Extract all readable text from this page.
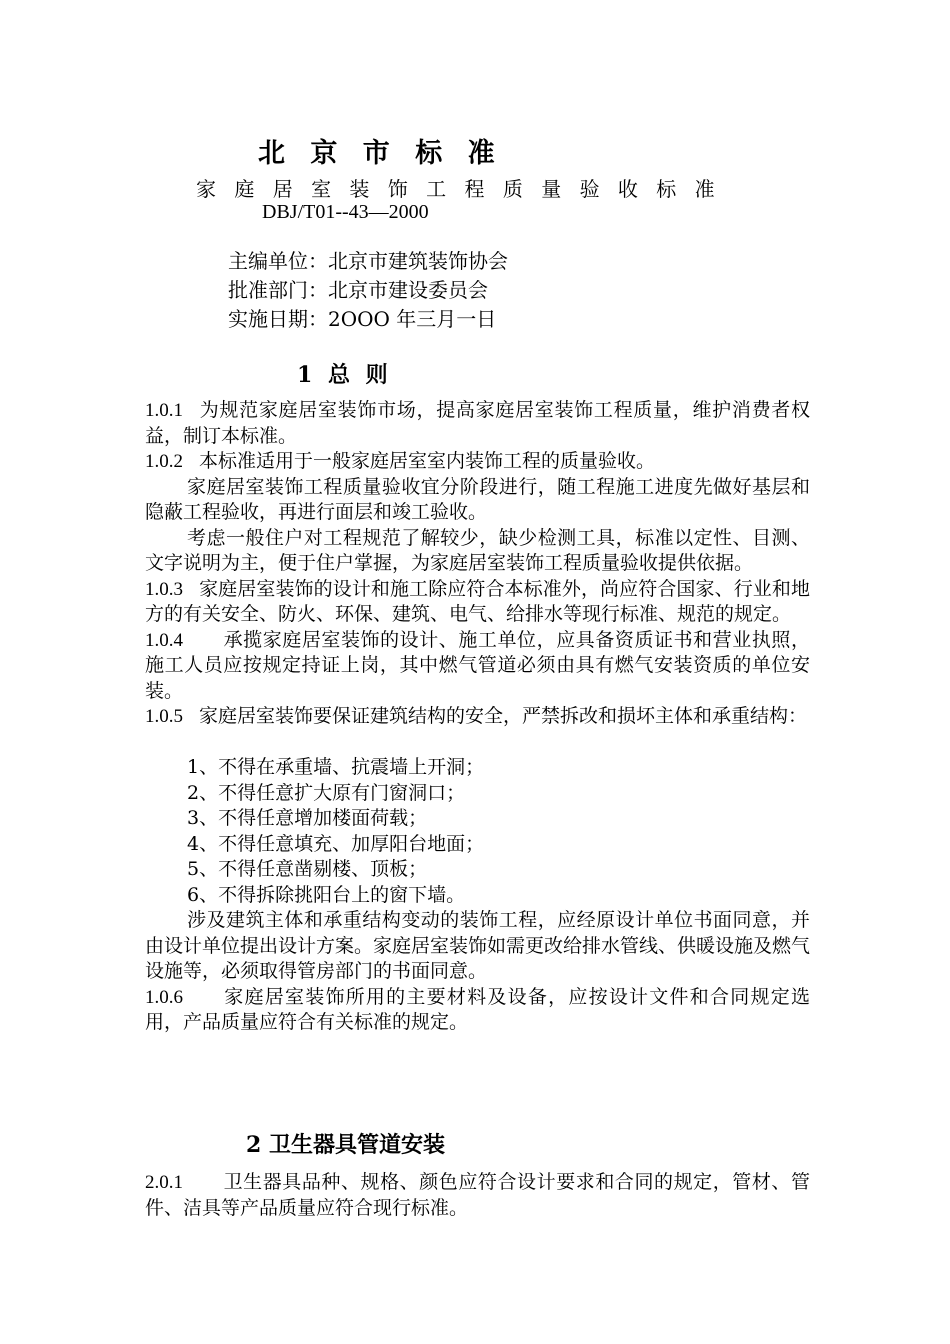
北 京 市 标 准
家 庭 居 室 装 饰 工 程 质 量 验 收 标 准
DBJ/T01--43—2000
主编单位：北京市建筑装饰协会
批准部门：北京市建设委员会
实施日期：2OOO 年三月一日
1 总 则

1.0.1 为规范家庭居室装饰市场，提高家庭居室装饰工程质量，维护消费者权益，制订本标准。

1.0.2 本标准适用于一般家庭居室室内装饰工程的质量验收。

家庭居室装饰工程质量验收宜分阶段进行，随工程施工进度先做好基层和隐蔽工程验收，再进行面层和竣工验收。

考虑一般住户对工程规范了解较少，缺少检测工具，标准以定性、目测、文字说明为主，便于住户掌握，为家庭居室装饰工程质量验收提供依据。

1.0.3 家庭居室装饰的设计和施工除应符合本标准外，尚应符合国家、行业和地方的有关安全、防火、环保、建筑、电气、给排水等现行标准、规范的规定。

1.0.4 承揽家庭居室装饰的设计、施工单位，应具备资质证书和营业执照，施工人员应按规定持证上岗，其中燃气管道必须由具有燃气安装资质的单位安装。

1.0.5 家庭居室装饰要保证建筑结构的安全，严禁拆改和损坏主体和承重结构：

1、不得在承重墙、抗震墙上开洞；

2、不得任意扩大原有门窗洞口；

3、不得任意增加楼面荷载；

4、不得任意填充、加厚阳台地面；

5、不得任意凿剔楼、顶板；

6、不得拆除挑阳台上的窗下墙。

涉及建筑主体和承重结构变动的装饰工程，应经原设计单位书面同意，并由设计单位提出设计方案。家庭居室装饰如需更改给排水管线、供暖设施及燃气设施等，必须取得管房部门的书面同意。

1.0.6 家庭居室装饰所用的主要材料及设备，应按设计文件和合同规定选用，产品质量应符合有关标准的规定。

2 卫生器具管道安装

2.0.1 卫生器具品种、规格、颜色应符合设计要求和合同的规定，管材、管件、洁具等产品质量应符合现行标准。
